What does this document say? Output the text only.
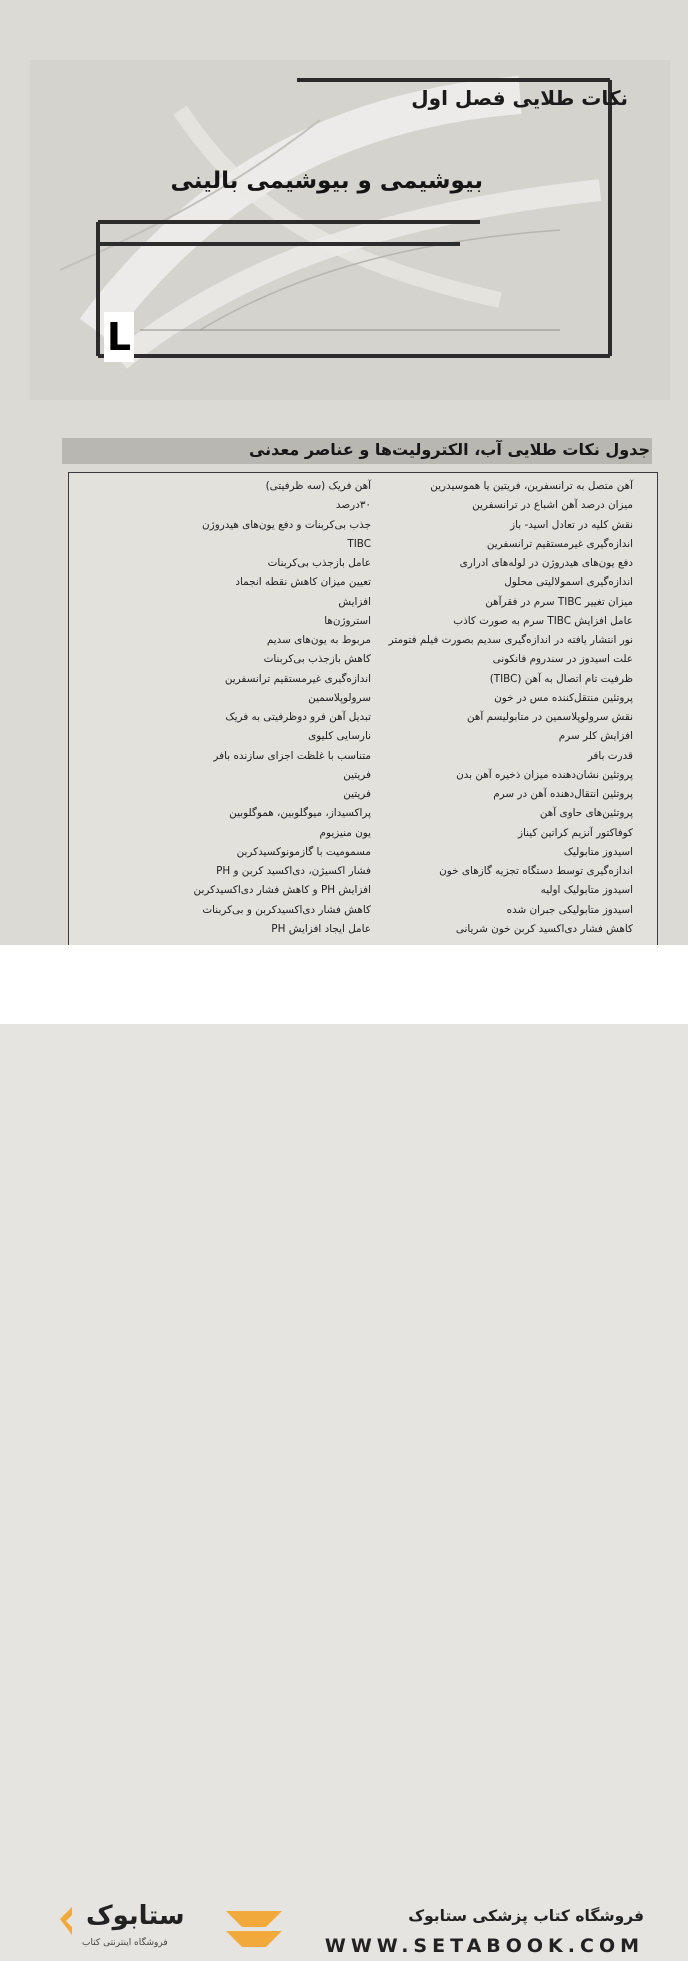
نکات طلایی فصل اول
بیوشیمی و بیوشیمی بالینی
L
جدول نکات طلایی آب، الکترولیت‌ها و عناصر معدنی
آهن متصل به ترانسفرین، فریتین یا هموسیدرین
میزان درصد آهن اشباع در ترانسفرین
نقش کلیه در تعادل اسید- باز
اندازه‌گیری غیرمستقیم ترانسفرین
دفع یون‌های هیدروژن در لوله‌های ادراری
اندازه‌گیری اسمولالیتی محلول
میزان تغییر TIBC سرم در فقرآهن
عامل افزایش TIBC سرم به صورت کاذب
نور انتشار یافته در اندازه‌گیری سدیم بصورت فیلم فتومتر
علت اسیدوز در سندروم فانکونی
ظرفیت تام اتصال به آهن (TIBC)
پروتئین منتقل‌کننده مس در خون
نقش سرولوپلاسمین در متابولیسم آهن
افزایش کلر سرم
قدرت بافر
پروتئین نشان‌دهنده میزان ذخیره آهن بدن
پروتئین انتقال‌دهنده آهن در سرم
پروتئین‌های حاوی آهن
کوفاکتور آنزیم کراتین کیناز
اسیدوز متابولیک
اندازه‌گیری توسط دستگاه تجزیه گازهای خون
اسیدوز متابولیک اولیه
اسیدوز متابولیکی جبران شده
کاهش فشار دی‌اکسید کربن خون شریانی
آهن فریک (سه ظرفیتی)
۳۰درصد
جذب بی‌کربنات و دفع یون‌های هیدروژن
TIBC
عامل بازجذب بی‌کربنات
تعیین میزان کاهش نقطه انجماد
افزایش
استروژن‌ها
مربوط به یون‌های سدیم
کاهش بازجذب بی‌کربنات
اندازه‌گیری غیرمستقیم ترانسفرین
سرولوپلاسمین
تبدیل آهن فرو دوظرفیتی به فریک
نارسایی کلیوی
متناسب با غلظت اجزای سازنده بافر
فریتین
فریتین
پراکسیداز، میوگلوبین، هموگلوبین
یون منیزیوم
مسمومیت با گازمونوکسیدکربن
فشار اکسیژن، دی‌اکسید کربن و PH
افزایش PH و کاهش فشار دی‌اکسیدکربن
کاهش فشار دی‌اکسیدکربن و بی‌کربنات
عامل ایجاد افزایش PH
ستابوک
فروشگاه اینترنتی کتاب
فروشگاه کتاب پزشکی ستابوک
WWW.SETABOOK.COM
